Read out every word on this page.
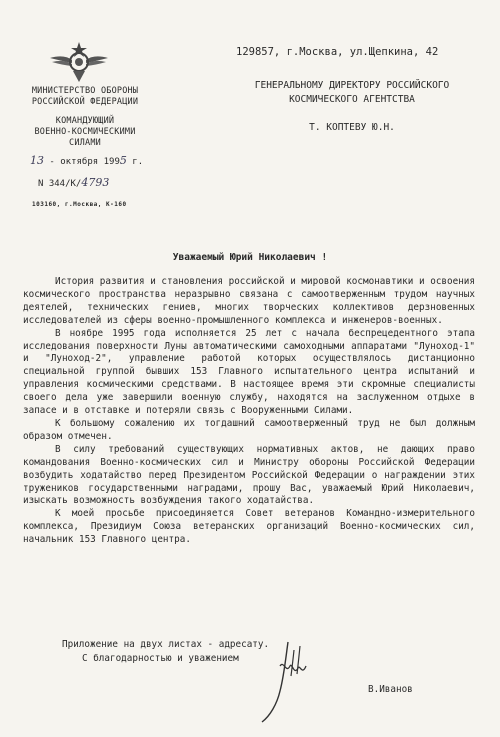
МИНИСТЕРСТВО ОБОРОНЫ
РОССИЙСКОЙ ФЕДЕРАЦИИ
КОМАНДУЮЩИЙ
ВОЕННО-КОСМИЧЕСКИМИ
СИЛАМИ
13 - октября 1995 г.
N 344/К/4793
103160, г.Москва, К-160
129857, г.Москва, ул.Щепкина, 42
ГЕНЕРАЛЬНОМУ ДИРЕКТОРУ РОССИЙСКОГО
КОСМИЧЕСКОГО АГЕНТСТВА
Т. КОПТЕВУ Ю.Н.
Уважаемый Юрий Николаевич !

История развития и становления российской и мировой космонавтики и освоения космического пространства неразрывно связана с самоотверженным трудом научных деятелей, технических гениев, многих творческих коллективов дерзновенных исследователей из сферы военно-промышленного комплекса и инженеров-военных.

В ноябре 1995 года исполняется 25 лет с начала беспрецедентного этапа исследования поверхности Луны автоматическими самоходными аппаратами "Луноход-1" и "Луноход-2", управление работой которых осуществлялось дистанционно специальной группой бывших 153 Главного испытательного центра испытаний и управления космическими средствами. В настоящее время эти скромные специалисты своего дела уже завершили военную службу, находятся на заслуженном отдыхе в запасе и в отставке и потеряли связь с Вооруженными Силами.

К большому сожалению их тогдашний самоотверженный труд не был должным образом отмечен.

В силу требований существующих нормативных актов, не дающих право командования Военно-космических сил и Министру обороны Российской Федерации возбудить ходатайство перед Президентом Российской Федерации о награждении этих тружеников государственными наградами, прошу Вас, уважаемый Юрий Николаевич, изыскать возможность возбуждения такого ходатайства.

К моей просьбе присоединяется Совет ветеранов Командно-измерительного комплекса, Президиум Союза ветеранских организаций Военно-космических сил, начальник 153 Главного центра.

Приложение на двух листах - адресату.
С благодарностью и уважением
В.Иванов
